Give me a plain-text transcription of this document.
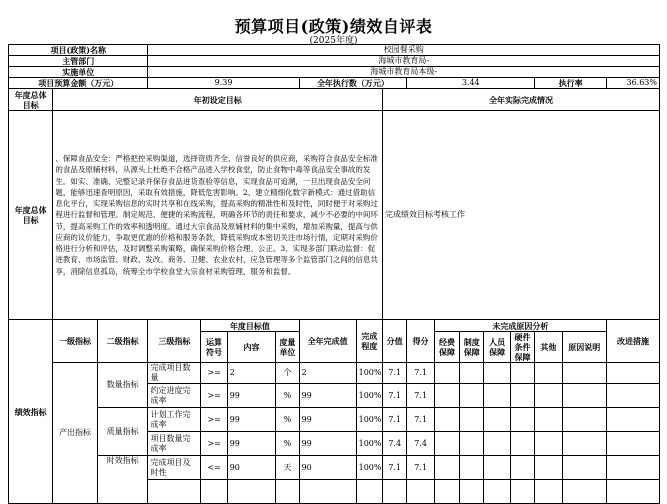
预算项目(政策)绩效自评表
(2025年度)
项目(政策)名称			校园餐采购														
主管部门			海城市教育局-														
实施单位			海城市教育局本级-														
项目预算金额（万元）			9.39				全年执行数（万元）			3.44					执行率		36.63%
年度总体目标	年初设定目标								全年实际完成情况								
年度总体目标	、保障食品安全：严格把控采购渠道，选择资质齐全、信誉良好的供应商，采购符合食品安全标准的食品及原辅材料，从源头上杜绝不合格产品进入学校食堂，防止食物中毒等食品安全事故的发生。如实、准确、完整记录并保存食品进货查验等信息，实现食品可追溯，一旦出现食品安全问题，能够迅速查明原因，采取有效措施，降低危害影响。2、建立精细化数字新模式：通过借助信息化平台，实现采购信息的实时共享和在线采购，提高采购的精准性和及时性，同时便于对采购过程进行监督和管理。制定规范、便捷的采购流程，明确各环节的责任和要求，减少不必要的中间环节，提高采购工作的效率和透明度。通过大宗食品及原辅材料的集中采购，增加采购量，提高与供应商的议价能力，争取更优惠的价格和服务条款，降低采购成本密切关注市场行情，定期对采购价格进行分析和评估，及时调整采购策略，确保采购价格合理、公正。3、实现多部门联动监督：促进教育、市场监管、财政、发改、商务、卫健、农业农村、应急管理等多个监管部门之间的信息共享，消除信息孤岛，统筹全市学校食堂大宗食材采购管理、服务和监督。								完成绩效目标考核工作								
绩效指标	一级指标	二级指标	三级指标	年度目标值			全年完成值	完成程度	分值	得分	未完成原因分析						改进措施
				运算符号	内容	度量单位					经费保障	制度保障	人员保障	硬件条件保障	其他	原因说明	
	产出指标	数量指标	完成项目数量	>=	2	个	2	100%	7.1	7.1							
			约定进度完成率	>=	99	%	99	100%	7.1	7.1							
		质量指标	计划工作完成率	>=	99	%	99	100%	7.1	7.1							
			项目数量完成率	>=	99	%	99	100%	7.4	7.4							
		时效指标	完成项目及时性	<=	90	天	90	100%	7.1	7.1							
